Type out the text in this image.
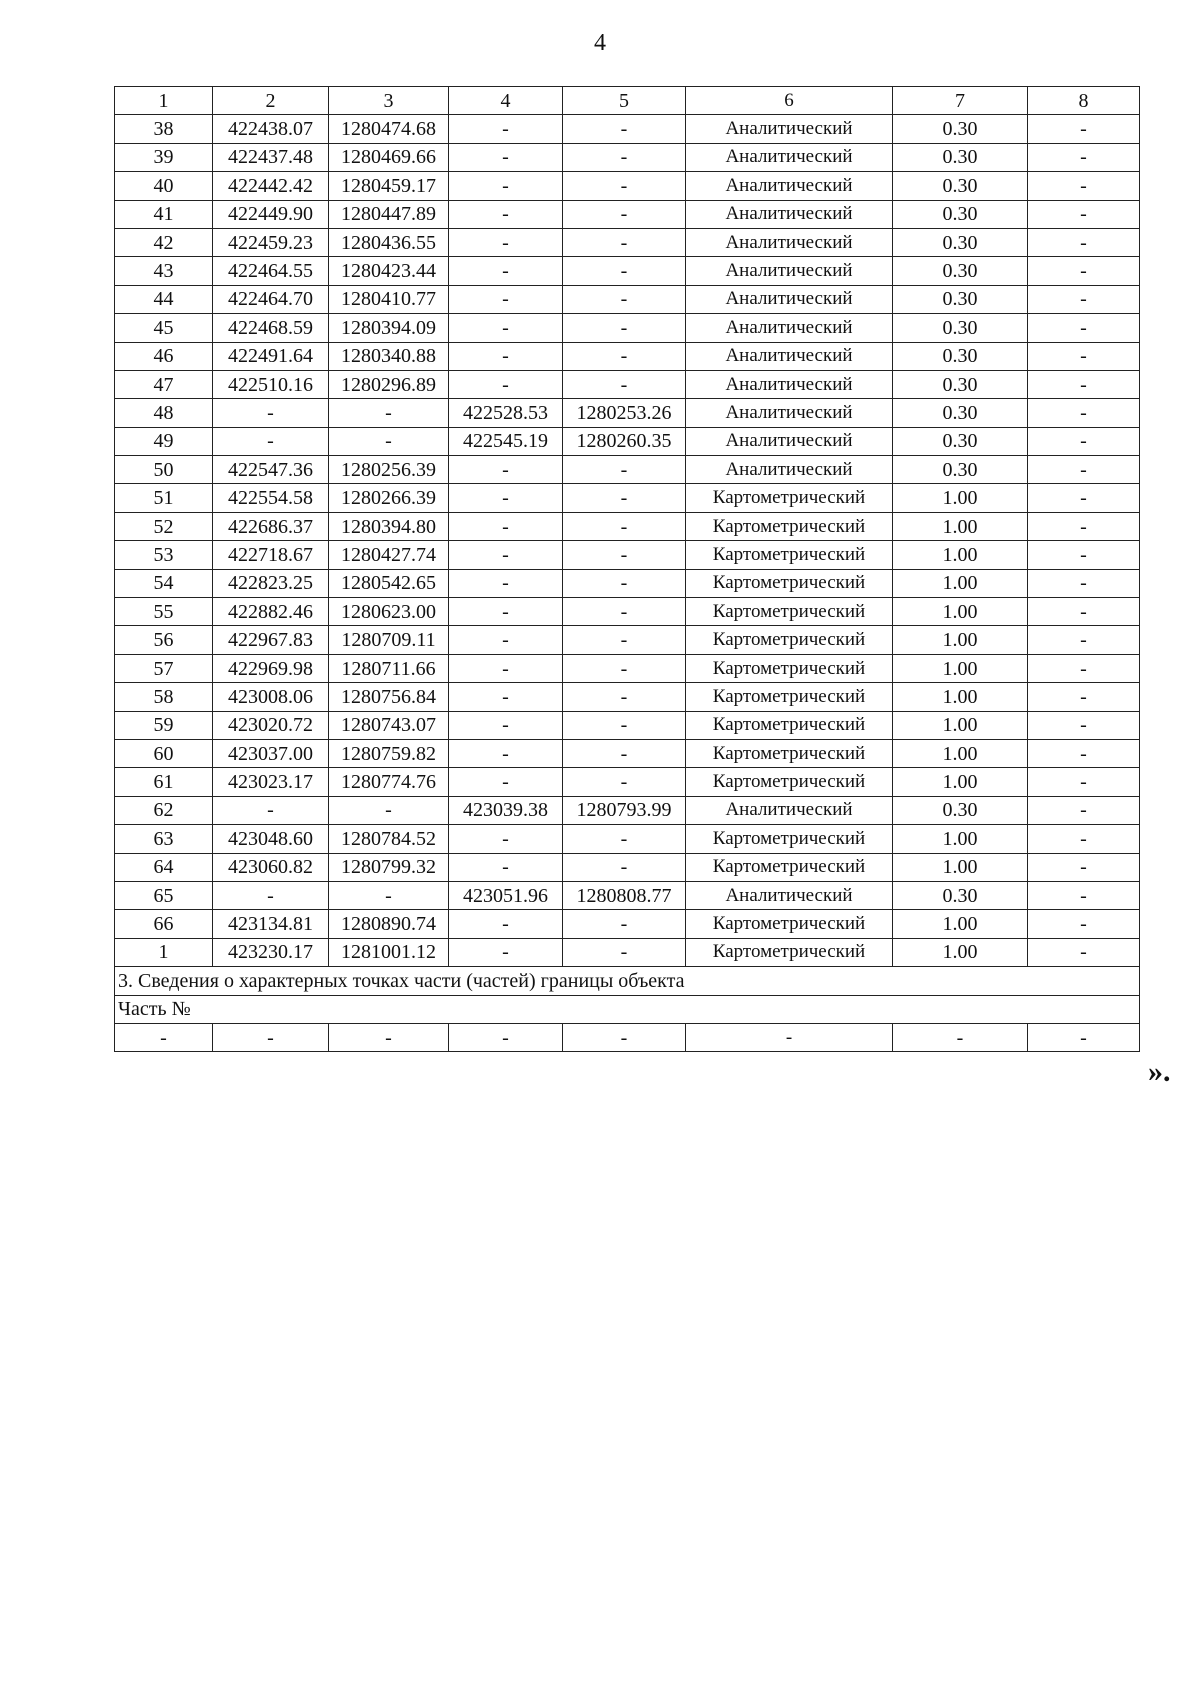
4
1	2	3	4	5	6	7	8
38	422438.07	1280474.68	-	-	Аналитический	0.30	-
39	422437.48	1280469.66	-	-	Аналитический	0.30	-
40	422442.42	1280459.17	-	-	Аналитический	0.30	-
41	422449.90	1280447.89	-	-	Аналитический	0.30	-
42	422459.23	1280436.55	-	-	Аналитический	0.30	-
43	422464.55	1280423.44	-	-	Аналитический	0.30	-
44	422464.70	1280410.77	-	-	Аналитический	0.30	-
45	422468.59	1280394.09	-	-	Аналитический	0.30	-
46	422491.64	1280340.88	-	-	Аналитический	0.30	-
47	422510.16	1280296.89	-	-	Аналитический	0.30	-
48	-	-	422528.53	1280253.26	Аналитический	0.30	-
49	-	-	422545.19	1280260.35	Аналитический	0.30	-
50	422547.36	1280256.39	-	-	Аналитический	0.30	-
51	422554.58	1280266.39	-	-	Картометрический	1.00	-
52	422686.37	1280394.80	-	-	Картометрический	1.00	-
53	422718.67	1280427.74	-	-	Картометрический	1.00	-
54	422823.25	1280542.65	-	-	Картометрический	1.00	-
55	422882.46	1280623.00	-	-	Картометрический	1.00	-
56	422967.83	1280709.11	-	-	Картометрический	1.00	-
57	422969.98	1280711.66	-	-	Картометрический	1.00	-
58	423008.06	1280756.84	-	-	Картометрический	1.00	-
59	423020.72	1280743.07	-	-	Картометрический	1.00	-
60	423037.00	1280759.82	-	-	Картометрический	1.00	-
61	423023.17	1280774.76	-	-	Картометрический	1.00	-
62	-	-	423039.38	1280793.99	Аналитический	0.30	-
63	423048.60	1280784.52	-	-	Картометрический	1.00	-
64	423060.82	1280799.32	-	-	Картометрический	1.00	-
65	-	-	423051.96	1280808.77	Аналитический	0.30	-
66	423134.81	1280890.74	-	-	Картометрический	1.00	-
1	423230.17	1281001.12	-	-	Картометрический	1.00	-
3. Сведения о характерных точках части (частей) границы объекта							
Часть №							
-	-	-	-	-	-	-	-
».
